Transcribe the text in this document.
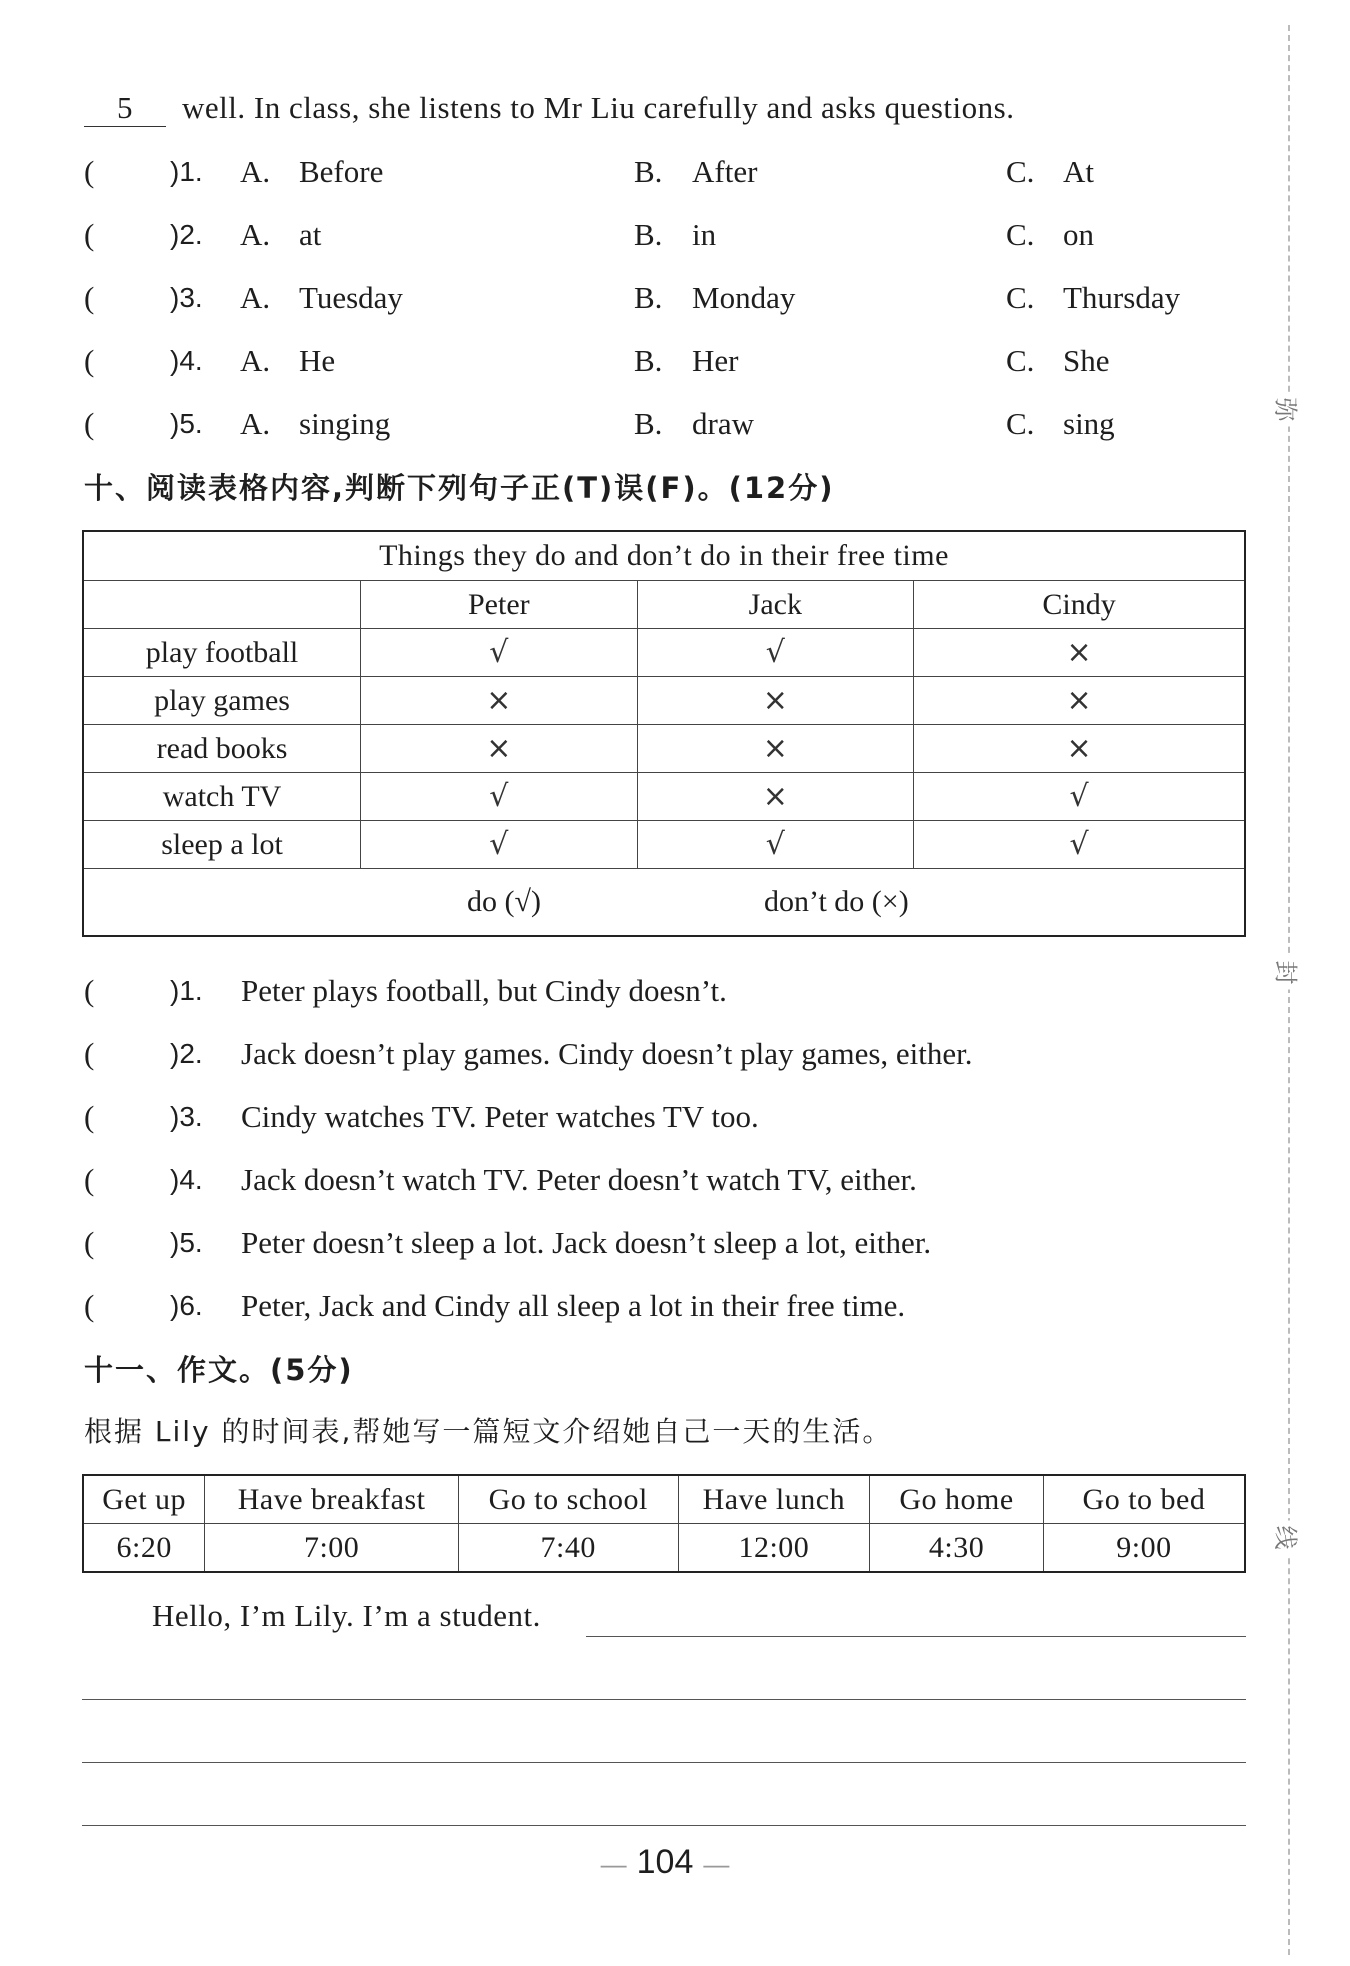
弥
封
线
5 well. In class, she listens to Mr Liu carefully and asks questions.
(	)1. A. Before	B. After	C. At
(	)2. A. at	B. in	C. on
(	)3. A. Tuesday	B. Monday	C. Thursday
(	)4. A. He	B. Her	C. She
(	)5. A. singing	B. draw	C. sing
十、阅读表格内容,判断下列句子正(T)误(F)。(12分)
Things they do and don’t do in their free time			
	Peter	Jack	Cindy
play football	√	√	×
play games	×	×	×
read books	×	×	×
watch TV	√	×	√
sleep a lot	√	√	√
do (√) don’t do (×)			
(	)1. Peter plays football, but Cindy doesn’t.
(	)2. Jack doesn’t play games. Cindy doesn’t play games, either.
(	)3. Cindy watches TV. Peter watches TV too.
(	)4. Jack doesn’t watch TV. Peter doesn’t watch TV, either.
(	)5. Peter doesn’t sleep a lot. Jack doesn’t sleep a lot, either.
(	)6. Peter, Jack and Cindy all sleep a lot in their free time.
十一、作文。(5分)
根据 Lily 的时间表,帮她写一篇短文介绍她自己一天的生活。
Get up	Have breakfast	Go to school	Have lunch	Go home	Go to bed
6:20	7:00	7:40	12:00	4:30	9:00
Hello, I’m Lily. I’m a student.
— 104 —
